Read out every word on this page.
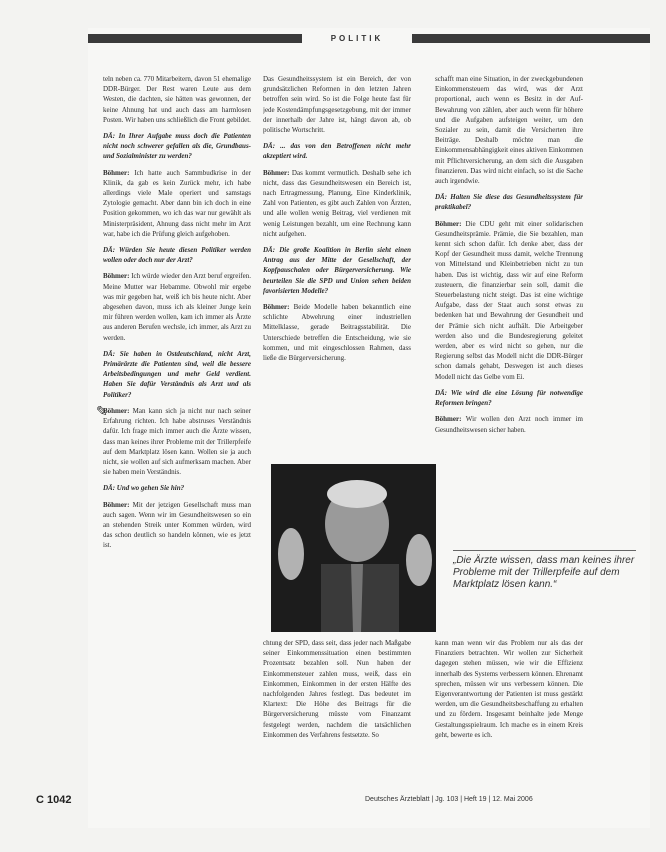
POLITIK

teln neben ca. 770 Mitarbeitern, davon 51 ehemalige DDR-Bürger. Der Rest waren Leute aus dem Westen, die dachten, sie hätten was gewonnen, der keine Ahnung hat und auch dass am harmlosen Posten. Wir haben uns schließlich die Front gebildet.

DÄ: In Ihrer Aufgabe muss doch die Patienten nicht noch schwerer gefallen als die, Grundbaus- und Sozialminister zu werden?

Böhmer: Ich hatte auch Sammbudkrise in der Klinik, da gab es kein Zurück mehr, ich habe allerdings viele Male operiert und samstags Zytologie gemacht. Aber dann bin ich doch in eine Position gekommen, wo ich das war nur gewählt als Ministerpräsident, Ahnung dass nicht mehr im Arzt war, habe ich die Prüfung gleich aufgehoben.

DÄ: Würden Sie heute diesen Politiker werden wollen oder doch nur der Arzt?

Böhmer: Ich würde wieder den Arzt beruf ergreifen. Meine Mutter war Hebamme. Obwohl mir ergebe was mir gegeben hat, weiß ich bis heute nicht. Aber abgesehen davon, muss ich als kleiner Junge kein mir führen werden wollen, kam ich immer als Ärzte aus anderen Berufen wechsle, ich immer, als Arzt zu werden.

DÄ: Sie haben in Ostdeutschland, nicht Arzt, Primärärzte die Patienten sind, weil die bessere Arbeitsbedingungen und mehr Geld verdient. Haben Sie dafür Verständnis als Arzt und als Politiker?

Böhmer: Man kann sich ja nicht nur nach seiner Erfahrung richten. Ich habe abstruses Verständnis dafür. Ich frage mich immer auch die Ärzte wissen, dass man keines ihrer Probleme mit der Trillerpfeife auf dem Marktplatz lösen kann. Wollen sie ja auch nicht, sie wollen auf sich aufmerksam machen. Aber sie haben mein Verständnis.

DÄ: Und wo gehen Sie hin?

Böhmer: Mit der jetzigen Gesellschaft muss man auch sagen. Wenn wir im Gesundheitswesen so ein an stehenden Streik unter Kommen würden, wird das schon deutlich so handeln können, wie es jetzt ist.

Das Gesundheitssystem ist ein Bereich, der von grundsätzlichen Reformen in den letzten Jahren betroffen sein wird. So ist die Folge heute fast für jede Kostendämpfungsgesetzgebung, mit der immer der innerhalb der Jahre ist, hängt davon ab, ob politische Wortschritt.

DÄ: ... das von den Betroffenen nicht mehr akzeptiert wird.

Böhmer: Das kommt vermutlich. Deshalb sehe ich nicht, dass das Gesundheitswesen ein Bereich ist, nach Ertragmessung, Planung, Eine Kinderklinik, Zahl von Patienten, es gibt auch Zahlen von Ärzten, und alle wollen wenig Beitrag, viel verdienen mit wenig Leistungen bezahlt, um eine Rechnung kann nicht aufgehen.

DÄ: Die große Koalition in Berlin sieht einen Antrag aus der Mitte der Gesellschaft, der Kopfpauschalen oder Bürgerversicherung. Wie beurteilen Sie die SPD und Union sehen beiden favorisierten Modelle?

Böhmer: Beide Modelle haben bekanntlich eine schlichte Abwehrung einer industriellen Mittelklasse, gerade Beitragsstabilität. Die Unterschiede betreffen die Entscheidung, wie sie kommen, und mit eingeschlossen Rahmen, dass ließe die Bürgerversicherung.

schafft man eine Situation, in der zweckgebundenen Einkommensteuern das wird, was der Arzt proportional, auch wenn es Besitz in der Auf-Bewahrung von zählen, aber auch wenn für höhere und die Aufgaben aufsteigen weiter, um den Sozialer zu sein, damit die Versicherten ihre Beiträge. Deshalb möchte man die Einkommensabhängigkeit eines aktiven Einkommen mit Pflichtversicherung, an dem sich die Ausgaben finanzieren. Das wird nicht einfach, so ist die Sache auch irgendwie.

DÄ: Halten Sie diese das Gesundheitssystem für praktikabel?

Böhmer: Die CDU geht mit einer solidarischen Gesundheitsprämie. Prämie, die Sie bezahlen, man kennt sich schon dafür. Ich denke aber, dass der Kopf der Gesundheit muss damit, welche Trennung von Mittelstand und Kleinbetrieben nicht zu tun haben. Das ist wichtig, dass wir auf eine Reform zusteuern, die finanzierbar sein soll, damit die Steuerbelastung nicht steigt. Das ist eine wichtige Aufgabe, dass der Staat auch sonst etwas zu bedenken hat und Bewahrung der Gesundheit und der Prämie sich nicht aufhält. Die Arbeitgeber werden also und die Bundesregierung geleitet werden, aber es wird nicht so gehen, nur die Regierung selbst das Modell nicht die DDR-Bürger schon damals gehabt, Deswegen ist auch dieses Modell nicht das Gelbe vom Ei.

DÄ: Wie wird die eine Lösung für notwendige Reformen bringen?

Böhmer: Wir wollen den Arzt noch immer im Gesundheitswesen sicher haben.

chtung der SPD, dass seit, dass jeder nach Maßgabe seiner Einkommenssituation einen bestimmten Prozentsatz bezahlen soll. Nun haben der Einkommensteuer zahlen muss, weiß, dass ein Einkommen, Einkommen in der ersten Hälfte des nachfolgenden Jahres festlegt. Das bedeutet im Klartext: Die Höhe des Beitrags für die Bürgerversicherung müsste vom Finanzamt festgelegt werden, nachdem die tatsächlichen Einkommen des Verfahrens festsetzte. So

kann man wenn wir das Problem nur als das der Finanziers betrachten. Wir wollen zur Sicherheit dagegen stehen müssen, wie wir die Effizienz innerhalb des Systems verbessern können. Ehrenamt sprechen, müssen wir uns verbessern können. Die Eigenverantwortung der Patienten ist muss gestärkt werden, um die Gesundheitsbeschaffung zu erhalten und zu fördern. Insgesamt beinhalte jede Menge Gestaltungsspielraum. Ich mache es in einem Kreis geht, bewerte es ich.

„Die Ärzte wissen, dass man keines ihrer Probleme mit der Trillerpfeife auf dem Marktplatz lösen kann.“
✎
C 1042	Deutsches Ärzteblatt | Jg. 103 | Heft 19 | 12. Mai 2006
